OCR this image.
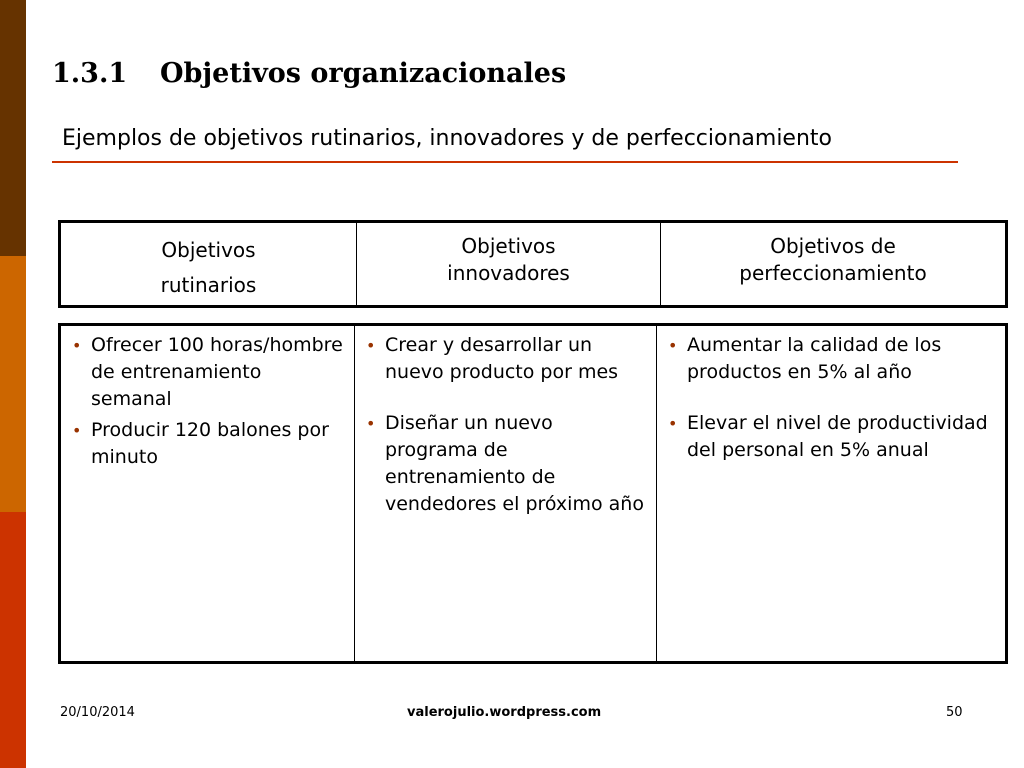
1.3.1 Objetivos organizacionales

Ejemplos de objetivos rutinarios, innovadores y de perfeccionamiento

Objetivos
rutinarios
Objetivos
innovadores
Objetivos de
perfeccionamiento
• Ofrecer 100 horas/hombre de entrenamiento semanal
• Producir 120 balones por minuto
• Crear y desarrollar un nuevo producto por mes
• Diseñar un nuevo programa de entrenamiento de vendedores el próximo año
• Aumentar la calidad de los productos en 5% al año
• Elevar el nivel de productividad del personal en 5% anual
20/10/2014	valerojulio.wordpress.com	50
